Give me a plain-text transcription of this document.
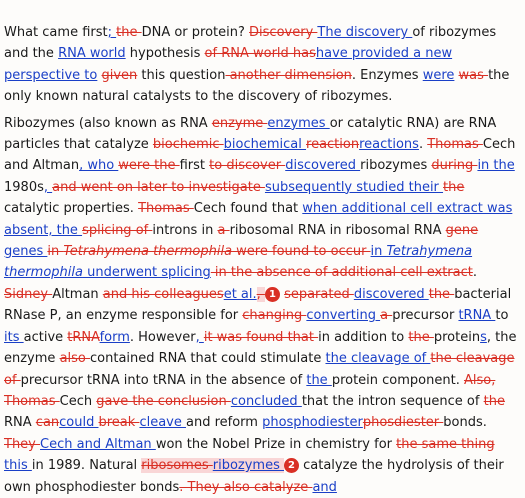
What came first; the DNA or protein? Discovery The discovery of ribozymes and the RNA world hypothesis of RNA world hashave provided a new perspective to given this question another dimension. Enzymes were was the only known natural catalysts to the discovery of ribozymes.

Ribozymes (also known as RNA enzyme enzymes or catalytic RNA) are RNA particles that catalyze biochemic biochemical reactionreactions. Thomas Cech and Altman, who were the first to discover discovered ribozymes during in the 1980s, and went on later to investigate subsequently studied their the catalytic properties. Thomas Cech found that when additional cell extract was absent, the splicing of introns in a ribosomal RNA in ribosomal RNA gene genes in Tetrahymena thermophila were found to occur in Tetrahymena thermophila underwent splicing in the absence of additional cell extract. Sidney Altman and his colleagueset al., 1 separated discovered the bacterial RNase P, an enzyme responsible for changing converting a precursor tRNA to its active tRNAform. However, it was found that in addition to the proteins, the enzyme also contained RNA that could stimulate the cleavage of the cleavage of precursor tRNA into tRNA in the absence of the protein component. Also, Thomas Cech gave the conclusion concluded that the intron sequence of the RNA cancould break cleave and reform phosphodiesterphosdiester bonds. They Cech and Altman won the Nobel Prize in chemistry for the same thing this in 1989. Natural ribosomes ribozymes 2 catalyze the hydrolysis of their own phosphodiester bonds. They also catalyze and
